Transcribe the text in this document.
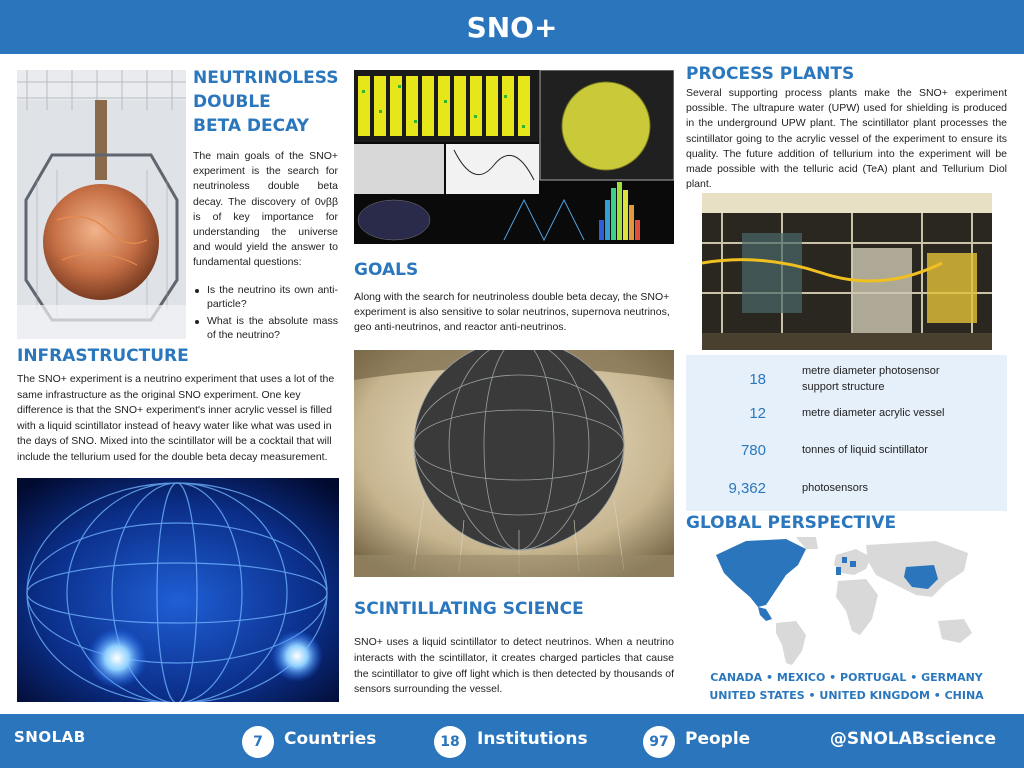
SNO+
NEUTRINOLESS
DOUBLE
BETA DECAY
The main goals of the SNO+ experiment is the search for neutrinoless double beta decay. The discovery of 0νββ is of key importance for understanding the universe and would yield the answer to fundamental questions:
Is the neutrino its own anti-particle?
What is the absolute mass of the neutrino?
INFRASTRUCTURE
The SNO+ experiment is a neutrino experiment that uses a lot of the same infrastructure as the original SNO experiment. One key difference is that the SNO+ experiment's inner acrylic vessel is filled with a liquid scintillator instead of heavy water like what was used in the days of SNO. Mixed into the scintillator will be a cocktail that will include the tellurium used for the double beta decay measurement.
GOALS
Along with the search for neutrinoless double beta decay, the SNO+ experiment is also sensitive to solar neutrinos, supernova neutrinos, geo anti-neutrinos, and reactor anti-neutrinos.
SCINTILLATING SCIENCE
SNO+ uses a liquid scintillator to detect neutrinos. When a neutrino interacts with the scintillator, it creates charged particles that cause the scintillator to give off light which is then detected by thousands of sensors surrounding the vessel.
PROCESS PLANTS
Several supporting process plants make the SNO+ experiment possible. The ultrapure water (UPW) used for shielding is produced in the underground UPW plant. The scintillator plant processes the scintillator going to the acrylic vessel of the experiment to ensure its quality. The future addition of tellurium into the experiment will be made possible with the telluric acid (TeA) plant and Tellurium Diol plant.
18	metre diameter photosensor support structure
12	metre diameter acrylic vessel
780	tonnes of liquid scintillator
9,362	photosensors
GLOBAL PERSPECTIVE
CANADA • MEXICO • PORTUGAL • GERMANY
UNITED STATES • UNITED KINGDOM • CHINA
SNOLAB	7	Countries	18	Institutions	97 People	@SNOLABscience
